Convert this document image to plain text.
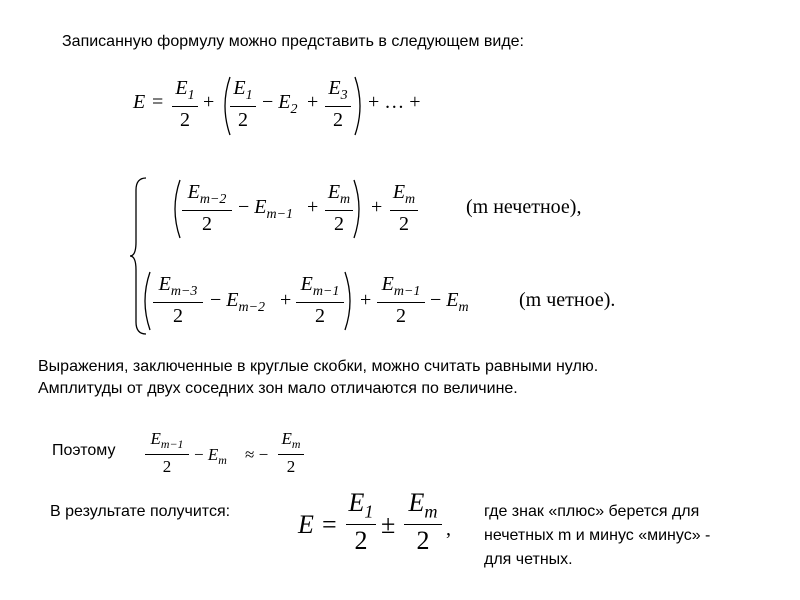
Записанную формулу можно представить в следующем виде:
E =
$E_1$
2
+
$E_1$
2
− $E_2$ +
$E_3$
2
+ … +
$E_{m-2}$
2
− $E_{m-1}$ +
$E_m$
2
+
$E_m$
2
(m нечетное),
$E_{m-3}$
2
− $E_{m-2}$ +
$E_{m-1}$
2
+
$E_{m-1}$
2
− $E_m$	(m четное).
Выражения, заключенные в круглые скобки, можно считать равными нулю.
Амплитуды от двух соседних зон мало отличаются по величине.
Поэтому
$E_{m-1}$
2
− $E_m$ ≈ −
$E_m$
2
В результате получится:	E =
$E_1$
2
±
$E_m$
2 ,
где знак «плюс» берется для
нечетных m и минус «минус» -
для четных.
